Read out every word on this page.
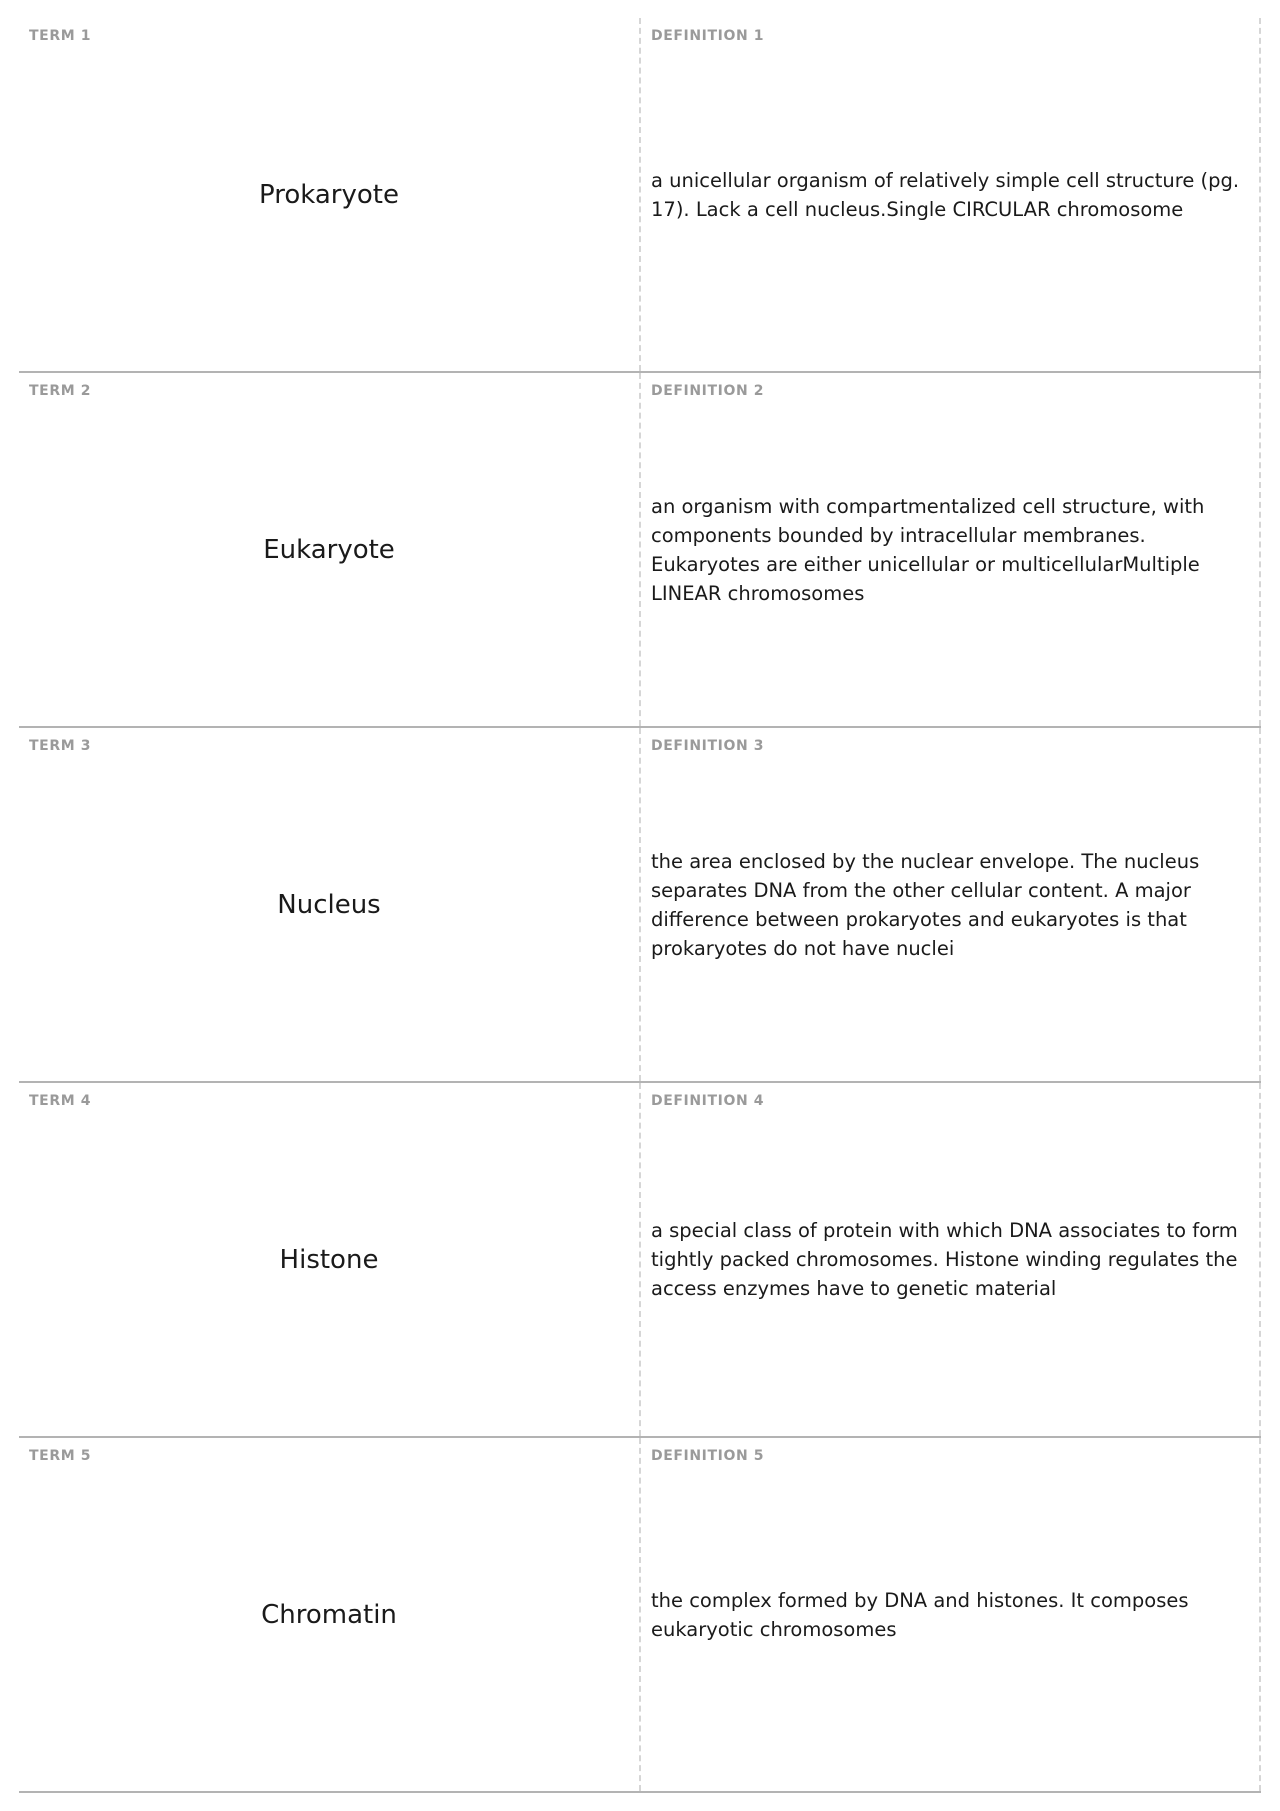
TERM 1
Prokaryote
DEFINITION 1
a unicellular organism of relatively simple cell structure (pg. 17). Lack a cell nucleus.Single CIRCULAR chromosome
TERM 2
Eukaryote
DEFINITION 2
an organism with compartmentalized cell structure, with components bounded by intracellular membranes. Eukaryotes are either unicellular or multicellularMultiple LINEAR chromosomes
TERM 3
Nucleus
DEFINITION 3
the area enclosed by the nuclear envelope. The nucleus separates DNA from the other cellular content. A major difference between prokaryotes and eukaryotes is that prokaryotes do not have nuclei
TERM 4
Histone
DEFINITION 4
a special class of protein with which DNA associates to form tightly packed chromosomes. Histone winding regulates the access enzymes have to genetic material
TERM 5
Chromatin
DEFINITION 5
the complex formed by DNA and histones. It composes eukaryotic chromosomes
